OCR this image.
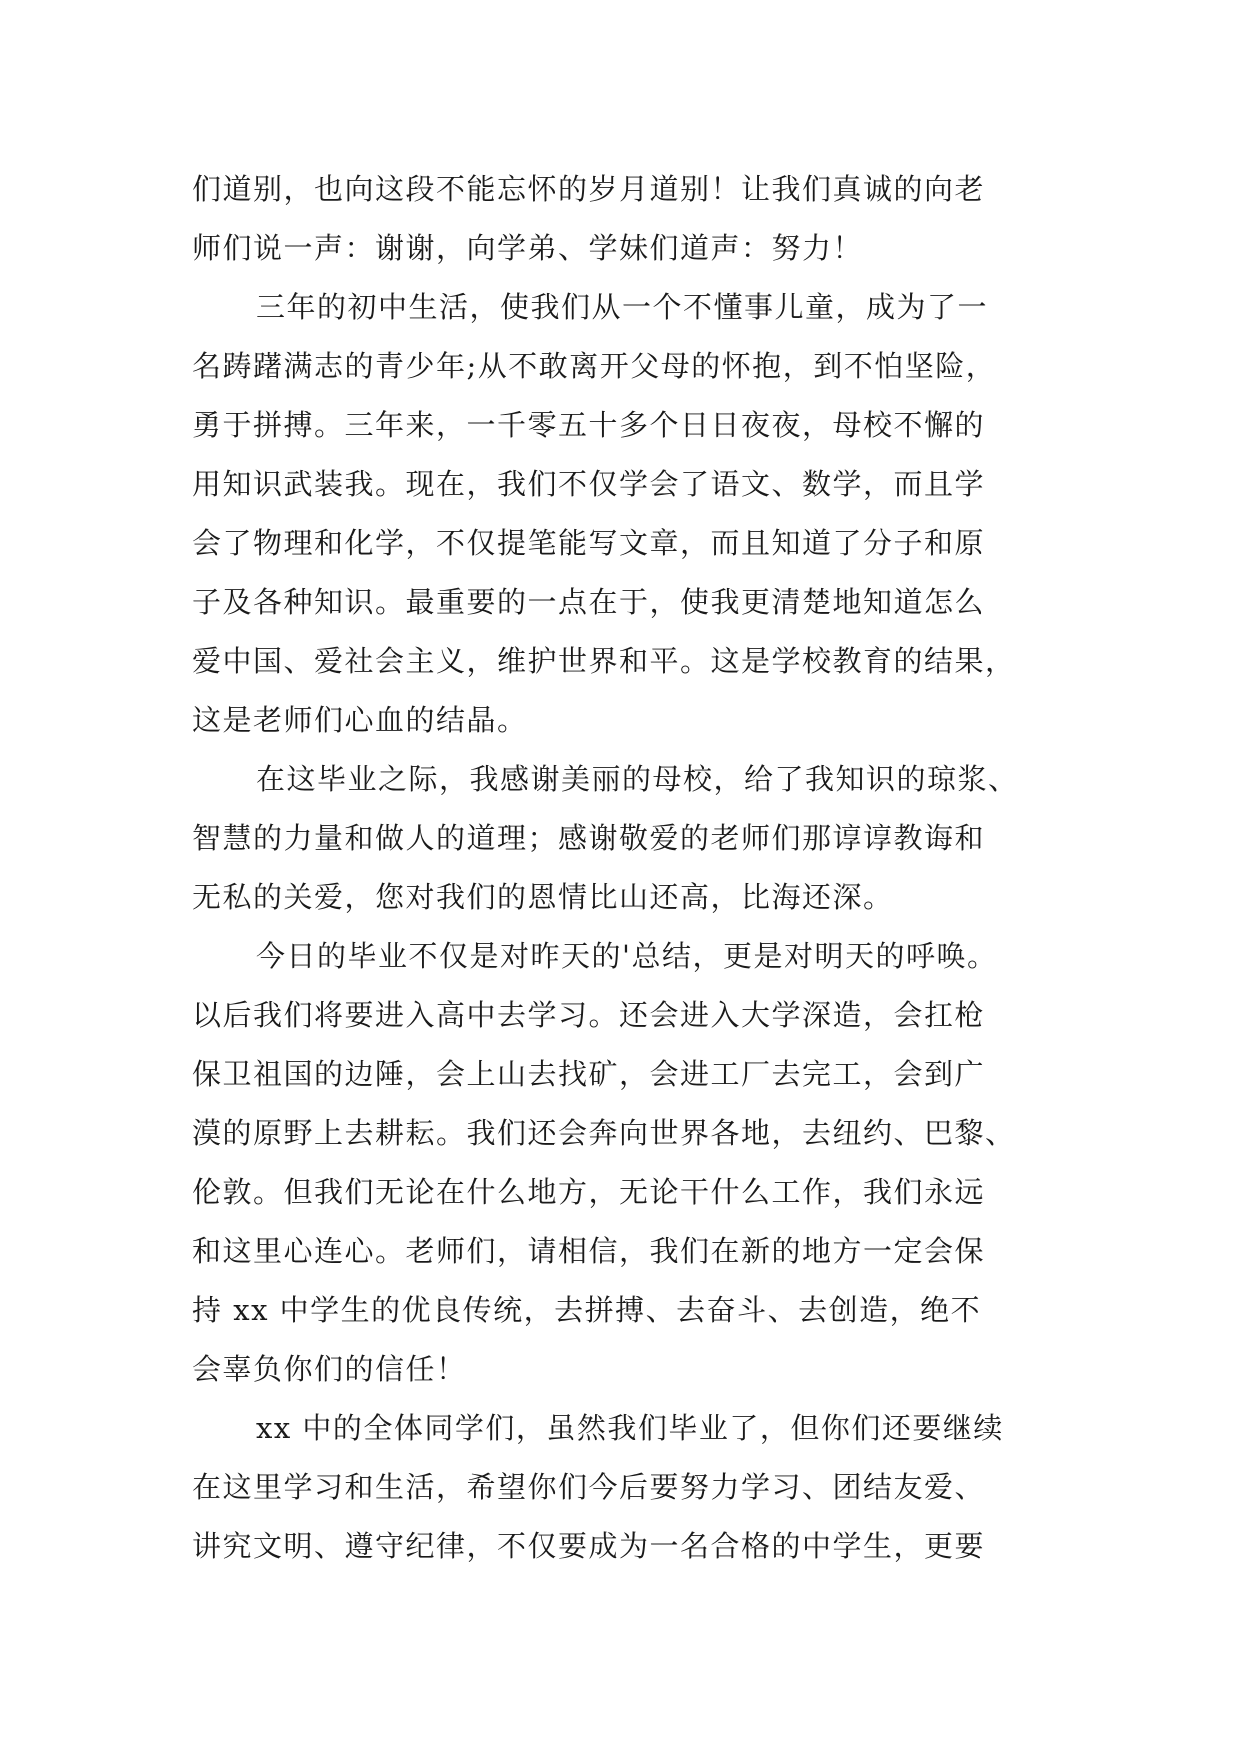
们道别，也向这段不能忘怀的岁月道别！让我们真诚的向老
师们说一声：谢谢，向学弟、学妹们道声：努力！
三年的初中生活，使我们从一个不懂事儿童，成为了一
名踌躇满志的青少年;从不敢离开父母的怀抱，到不怕坚险，
勇于拼搏。三年来，一千零五十多个日日夜夜，母校不懈的
用知识武装我。现在，我们不仅学会了语文、数学，而且学
会了物理和化学，不仅提笔能写文章，而且知道了分子和原
子及各种知识。最重要的一点在于，使我更清楚地知道怎么
爱中国、爱社会主义，维护世界和平。这是学校教育的结果，
这是老师们心血的结晶。
在这毕业之际，我感谢美丽的母校，给了我知识的琼浆、
智慧的力量和做人的道理；感谢敬爱的老师们那谆谆教诲和
无私的关爱，您对我们的恩情比山还高，比海还深。
今日的毕业不仅是对昨天的'总结，更是对明天的呼唤。
以后我们将要进入高中去学习。还会进入大学深造，会扛枪
保卫祖国的边陲，会上山去找矿，会进工厂去完工，会到广
漠的原野上去耕耘。我们还会奔向世界各地，去纽约、巴黎、
伦敦。但我们无论在什么地方，无论干什么工作，我们永远
和这里心连心。老师们，请相信，我们在新的地方一定会保
持 xx 中学生的优良传统，去拼搏、去奋斗、去创造，绝不
会辜负你们的信任！
xx 中的全体同学们，虽然我们毕业了，但你们还要继续
在这里学习和生活，希望你们今后要努力学习、团结友爱、
讲究文明、遵守纪律，不仅要成为一名合格的中学生，更要
